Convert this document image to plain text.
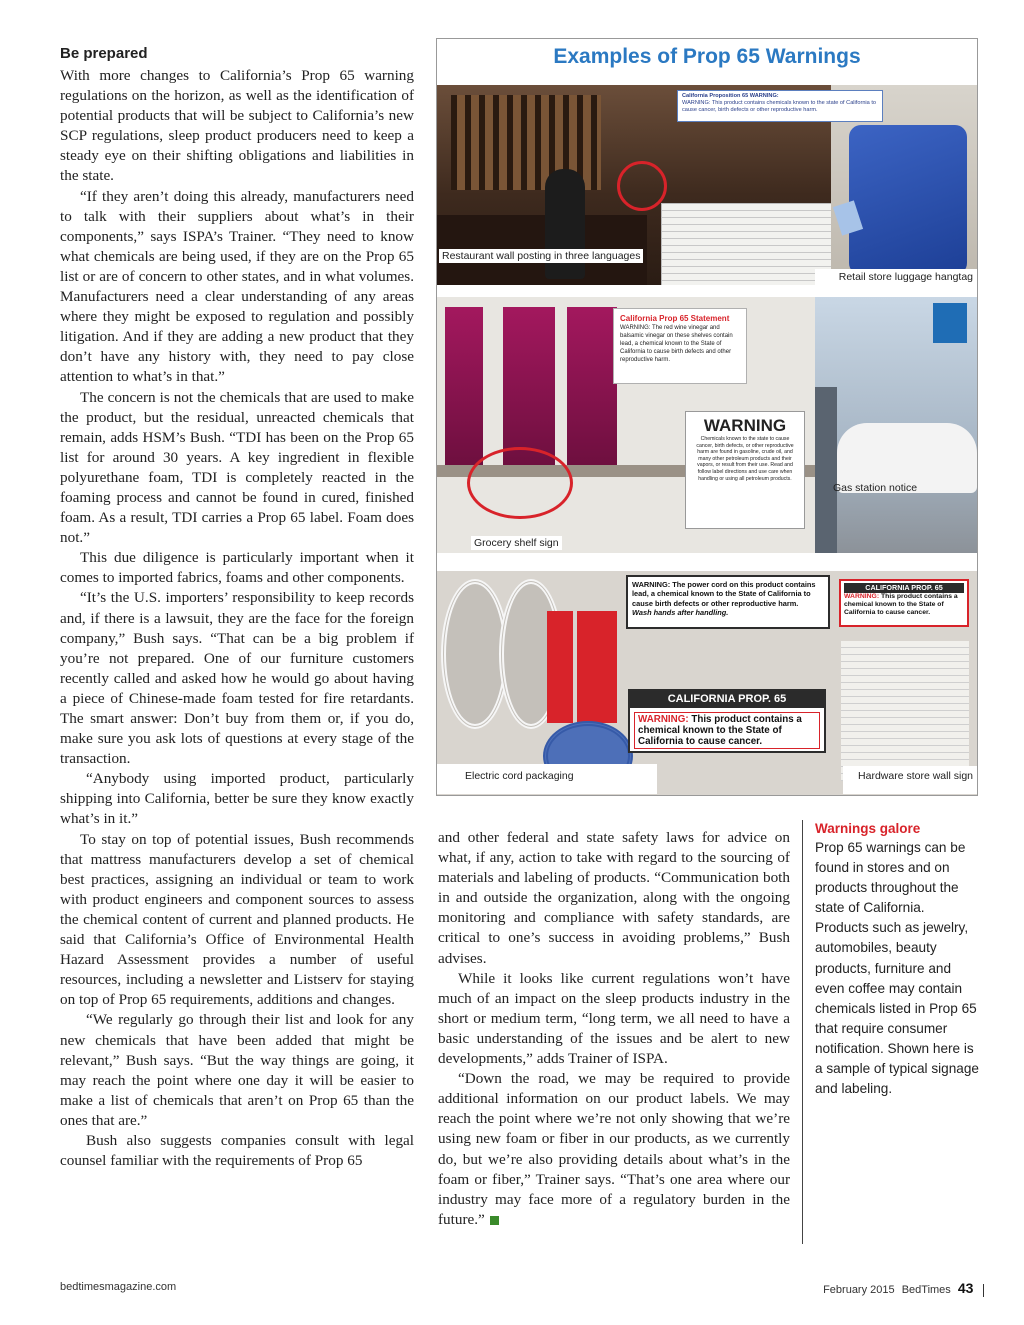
Be prepared

With more changes to California’s Prop 65 warning regulations on the horizon, as well as the identification of potential products that will be subject to California’s new SCP regulations, sleep product producers need to keep a steady eye on their shifting obligations and liabilities in the state.

“If they aren’t doing this already, manufacturers need to talk with their suppliers about what’s in their components,” says ISPA’s Trainer. “They need to know what chemicals are being used, if they are on the Prop 65 list or are of concern to other states, and in what volumes. Manufacturers need a clear understanding of any areas where they might be exposed to regulation and possibly litigation. And if they are adding a new product that they don’t have any history with, they need to pay close attention to what’s in that.”

The concern is not the chemicals that are used to make the product, but the residual, unreacted chemicals that remain, adds HSM’s Bush. “TDI has been on the Prop 65 list for around 30 years. A key ingredient in flexible polyurethane foam, TDI is completely reacted in the foaming process and cannot be found in cured, finished foam. As a result, TDI carries a Prop 65 label. Foam does not.”

This due diligence is particularly important when it comes to imported fabrics, foams and other components.

“It’s the U.S. importers’ responsibility to keep records and, if there is a lawsuit, they are the face for the foreign company,” Bush says. “That can be a big problem if you’re not prepared. One of our furniture customers recently called and asked how he would go about having a piece of Chinese-made foam tested for fire retardants. The smart answer: Don’t buy from them or, if you do, make sure you ask lots of questions at every stage of the transaction.

“Anybody using imported product, particularly shipping into California, better be sure they know exactly what’s in it.”

To stay on top of potential issues, Bush recommends that mattress manufacturers develop a set of chemical best practices, assigning an individual or team to work with product engineers and component sources to assess the chemical content of current and planned products. He said that California’s Office of Environmental Health Hazard Assessment provides a number of useful resources, including a newsletter and Listserv for staying on top of Prop 65 requirements, additions and changes.

“We regularly go through their list and look for any new chemicals that have been added that might be relevant,” Bush says. “But the way things are going, it may reach the point where one day it will be easier to make a list of chemicals that aren’t on Prop 65 than the ones that are.”

Bush also suggests companies consult with legal counsel familiar with the requirements of Prop 65

and other federal and state safety laws for advice on what, if any, action to take with regard to the sourcing of materials and labeling of products. “Communication both in and outside the organization, along with the ongoing monitoring and compliance with safety standards, are critical to one’s success in avoiding problems,” Bush advises.

While it looks like current regulations won’t have much of an impact on the sleep products industry in the short or medium term, “long term, we all need to have a basic understanding of the issues and be alert to new developments,” adds Trainer of ISPA.

“Down the road, we may be required to provide additional information on our product labels. We may reach the point where we’re not only showing that we’re using new foam or fiber in our products, as we currently do, but we’re also providing details about what’s in the foam or fiber,” Trainer says. “That’s one area where our industry may face more of a regulatory burden in the future.”

Examples of Prop 65 Warnings
California Proposition 65 WARNING:
WARNING: This product contains chemicals known to the state of California to cause cancer, birth defects or other reproductive harm.
Restaurant wall posting in three languages
Retail store luggage hangtag
California Prop 65 Statement
WARNING: The red wine vinegar and balsamic vinegar on these shelves contain lead, a chemical known to the State of California to cause birth defects and other reproductive harm.
WARNING
Chemicals known to the state to cause cancer, birth defects, or other reproductive harm are found in gasoline, crude oil, and many other petroleum products and their vapors, or result from their use. Read and follow label directions and use care when handling or using all petroleum products.
Grocery shelf sign
Gas station notice
WARNING: The power cord on this product contains lead, a chemical known to the State of California to cause birth defects or other reproductive harm.
Wash hands after handling.
CALIFORNIA PROP. 65
WARNING: This product contains a chemical known to the State of California to cause cancer.
CALIFORNIA PROP. 65
WARNING: This product contains a chemical known to the State of California to cause cancer.
Electric cord packaging	Hardware store wall sign
Warnings galore

Prop 65 warnings can be found in stores and on products throughout the state of California. Products such as jewelry, automobiles, beauty products, furniture and even coffee may contain chemicals listed in Prop 65 that require consumer notification. Shown here is a sample of typical signage and labeling.

bedtimesmagazine.com	February 2015 BedTimes 43
